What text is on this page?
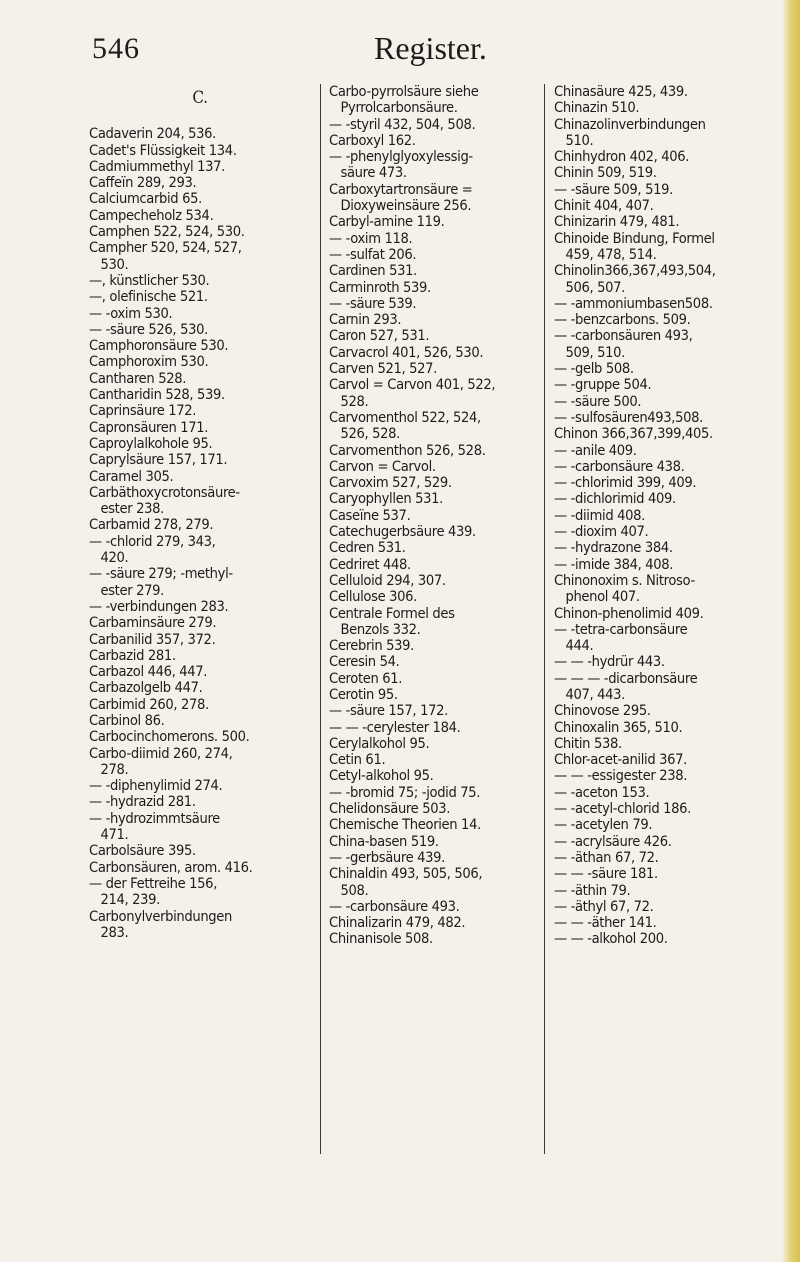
546	Register.
C.
Cadaverin 204, 536.
Cadet's Flüssigkeit 134.
Cadmiummethyl 137.
Caffeïn 289, 293.
Calciumcarbid 65.
Campecheholz 534.
Camphen 522, 524, 530.
Campher 520, 524, 527,
530.
—, künstlicher 530.
—, olefinische 521.
— -oxim 530.
— -säure 526, 530.
Camphoronsäure 530.
Camphoroxim 530.
Cantharen 528.
Cantharidin 528, 539.
Caprinsäure 172.
Capronsäuren 171.
Caproylalkohole 95.
Caprylsäure 157, 171.
Caramel 305.
Carbäthoxycrotonsäure-
ester 238.
Carbamid 278, 279.
— -chlorid 279, 343,
420.
— -säure 279; -methyl-
ester 279.
— -verbindungen 283.
Carbaminsäure 279.
Carbanilid 357, 372.
Carbazid 281.
Carbazol 446, 447.
Carbazolgelb 447.
Carbimid 260, 278.
Carbinol 86.
Carbocinchomerons. 500.
Carbo-diimid 260, 274,
278.
— -diphenylimid 274.
— -hydrazid 281.
— -hydrozimmtsäure
471.
Carbolsäure 395.
Carbonsäuren, arom. 416.
— der Fettreihe 156,
214, 239.
Carbonylverbindungen
283.
Carbo-pyrrolsäure siehe
Pyrrolcarbonsäure.
— -styril 432, 504, 508.
Carboxyl 162.
— -phenylglyoxylessig-
säure 473.
Carboxytartronsäure =
Dioxyweinsäure 256.
Carbyl-amine 119.
— -oxim 118.
— -sulfat 206.
Cardinen 531.
Carminroth 539.
— -säure 539.
Carnin 293.
Caron 527, 531.
Carvacrol 401, 526, 530.
Carven 521, 527.
Carvol = Carvon 401, 522,
528.
Carvomenthol 522, 524,
526, 528.
Carvomenthon 526, 528.
Carvon = Carvol.
Carvoxim 527, 529.
Caryophyllen 531.
Caseïne 537.
Catechugerbsäure 439.
Cedren 531.
Cedriret 448.
Celluloid 294, 307.
Cellulose 306.
Centrale Formel des
Benzols 332.
Cerebrin 539.
Ceresin 54.
Ceroten 61.
Cerotin 95.
— -säure 157, 172.
— — -cerylester 184.
Cerylalkohol 95.
Cetin 61.
Cetyl-alkohol 95.
— -bromid 75; -jodid 75.
Chelidonsäure 503.
Chemische Theorien 14.
China-basen 519.
— -gerbsäure 439.
Chinaldin 493, 505, 506,
508.
— -carbonsäure 493.
Chinalizarin 479, 482.
Chinanisole 508.
Chinasäure 425, 439.
Chinazin 510.
Chinazolinverbindungen
510.
Chinhydron 402, 406.
Chinin 509, 519.
— -säure 509, 519.
Chinit 404, 407.
Chinizarin 479, 481.
Chinoide Bindung, Formel
459, 478, 514.
Chinolin366,367,493,504,
506, 507.
— -ammoniumbasen508.
— -benzcarbons. 509.
— -carbonsäuren 493,
509, 510.
— -gelb 508.
— -gruppe 504.
— -säure 500.
— -sulfosäuren493,508.
Chinon 366,367,399,405.
— -anile 409.
— -carbonsäure 438.
— -chlorimid 399, 409.
— -dichlorimid 409.
— -diimid 408.
— -dioxim 407.
— -hydrazone 384.
— -imide 384, 408.
Chinonoxim s. Nitroso-
phenol 407.
Chinon-phenolimid 409.
— -tetra-carbonsäure
444.
— — -hydrür 443.
— — — -dicarbonsäure
407, 443.
Chinovose 295.
Chinoxalin 365, 510.
Chitin 538.
Chlor-acet-anilid 367.
— — -essigester 238.
— -aceton 153.
— -acetyl-chlorid 186.
— -acetylen 79.
— -acrylsäure 426.
— -äthan 67, 72.
— — -säure 181.
— -äthin 79.
— -äthyl 67, 72.
— — -äther 141.
— — -alkohol 200.
